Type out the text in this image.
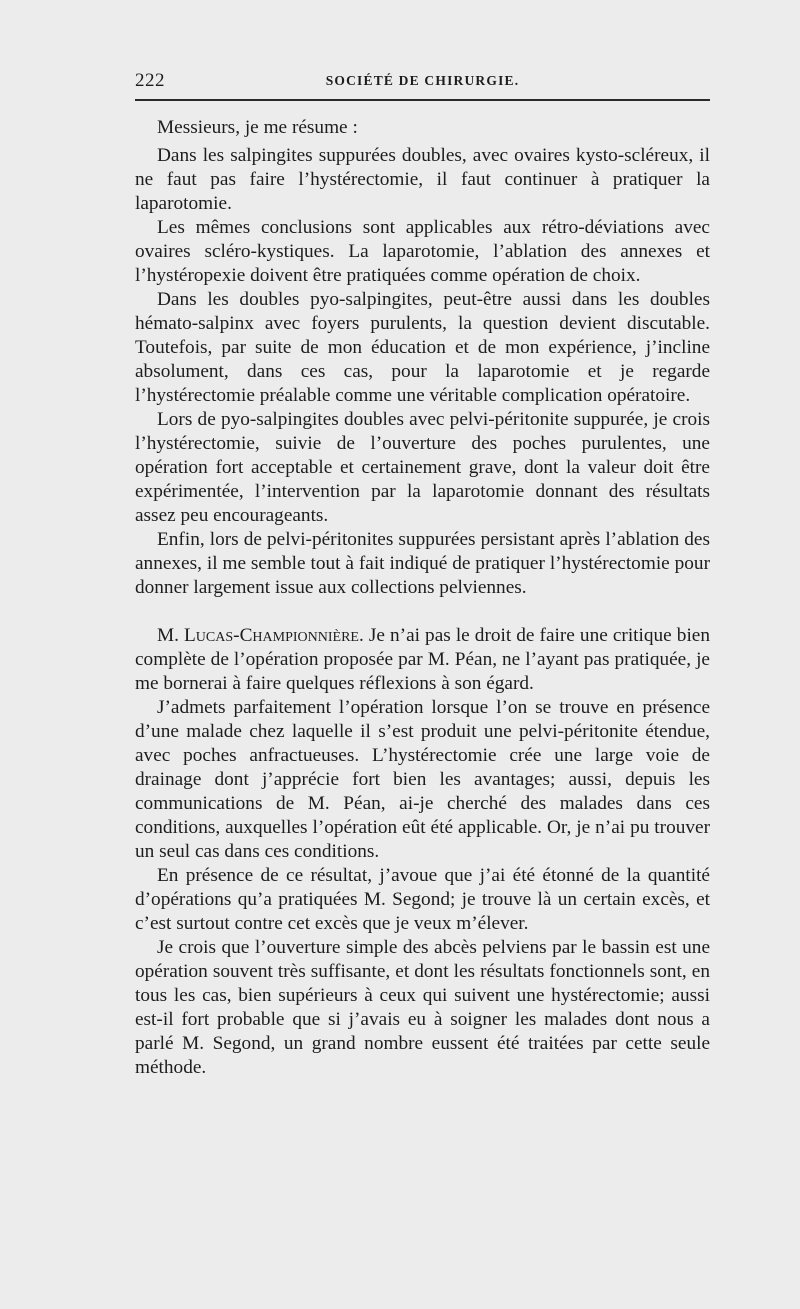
222	SOCIÉTÉ DE CHIRURGIE.

Messieurs, je me résume :

Dans les salpingites suppurées doubles, avec ovaires kysto-scléreux, il ne faut pas faire l’hystérectomie, il faut continuer à pratiquer la laparotomie.

Les mêmes conclusions sont applicables aux rétro-déviations avec ovaires scléro-kystiques. La laparotomie, l’ablation des annexes et l’hystéropexie doivent être pratiquées comme opération de choix.

Dans les doubles pyo-salpingites, peut-être aussi dans les doubles hémato-salpinx avec foyers purulents, la question devient discutable. Toutefois, par suite de mon éducation et de mon expérience, j’incline absolument, dans ces cas, pour la laparotomie et je regarde l’hystérectomie préalable comme une véritable complication opératoire.

Lors de pyo-salpingites doubles avec pelvi-péritonite suppurée, je crois l’hystérectomie, suivie de l’ouverture des poches purulentes, une opération fort acceptable et certainement grave, dont la valeur doit être expérimentée, l’intervention par la laparotomie donnant des résultats assez peu encourageants.

Enfin, lors de pelvi-péritonites suppurées persistant après l’ablation des annexes, il me semble tout à fait indiqué de pratiquer l’hystérectomie pour donner largement issue aux collections pelviennes.

M. Lucas-Championnière. Je n’ai pas le droit de faire une critique bien complète de l’opération proposée par M. Péan, ne l’ayant pas pratiquée, je me bornerai à faire quelques réflexions à son égard.

J’admets parfaitement l’opération lorsque l’on se trouve en présence d’une malade chez laquelle il s’est produit une pelvi-péritonite étendue, avec poches anfractueuses. L’hystérectomie crée une large voie de drainage dont j’apprécie fort bien les avantages; aussi, depuis les communications de M. Péan, ai-je cherché des malades dans ces conditions, auxquelles l’opération eût été applicable. Or, je n’ai pu trouver un seul cas dans ces conditions.

En présence de ce résultat, j’avoue que j’ai été étonné de la quantité d’opérations qu’a pratiquées M. Segond; je trouve là un certain excès, et c’est surtout contre cet excès que je veux m’élever.

Je crois que l’ouverture simple des abcès pelviens par le bassin est une opération souvent très suffisante, et dont les résultats fonctionnels sont, en tous les cas, bien supérieurs à ceux qui suivent une hystérectomie; aussi est-il fort probable que si j’avais eu à soigner les malades dont nous a parlé M. Segond, un grand nombre eussent été traitées par cette seule méthode.
